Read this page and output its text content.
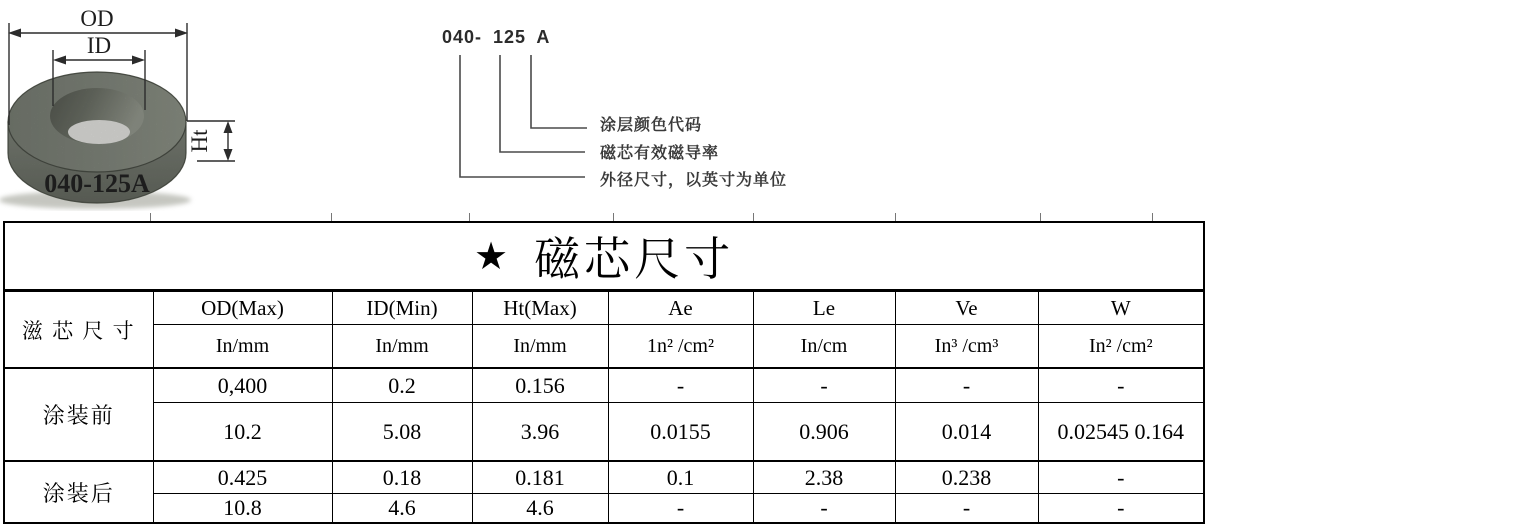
040-125A
OD
ID
Ht
040- 125 A
涂层颜色代码
磁芯有效磁导率
外径尺寸，以英寸为单位
★ 磁芯尺寸							
滋 芯 尺 寸	OD(Max)	ID(Min)	Ht(Max)	Ae	Le	Ve	W
	In/mm	In/mm	In/mm	1n² /cm²	In/cm	In³ /cm³	In² /cm²
涂装前	0,400	0.2	0.156	-	-	-	-
	10.2	5.08	3.96	0.0155	0.906	0.014	0.02545 0.164
涂装后	0.425	0.18	0.181	0.1	2.38	0.238	-
	10.8	4.6	4.6	-	-	-	-
